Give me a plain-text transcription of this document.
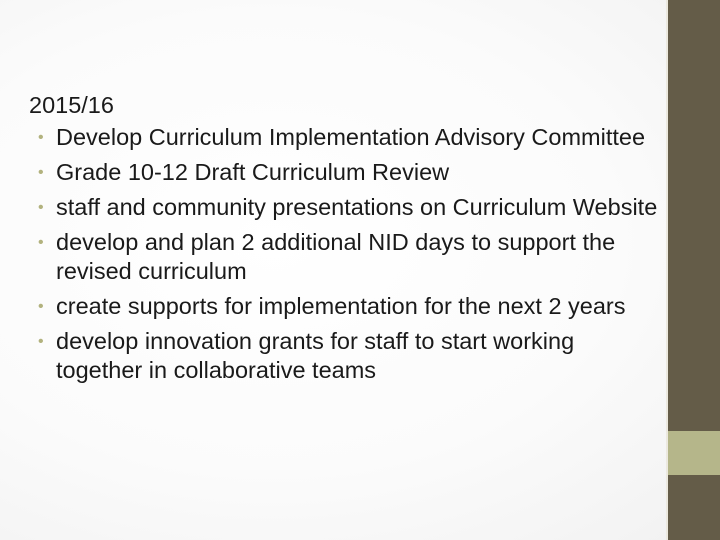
2015/16
• Develop Curriculum Implementation Advisory Committee
• Grade 10-12 Draft Curriculum Review
• staff and community presentations on Curriculum Website
• develop and plan 2 additional NID days to support the revised curriculum
• create supports for implementation for the next 2 years
• develop innovation grants for staff to start working together in collaborative teams
